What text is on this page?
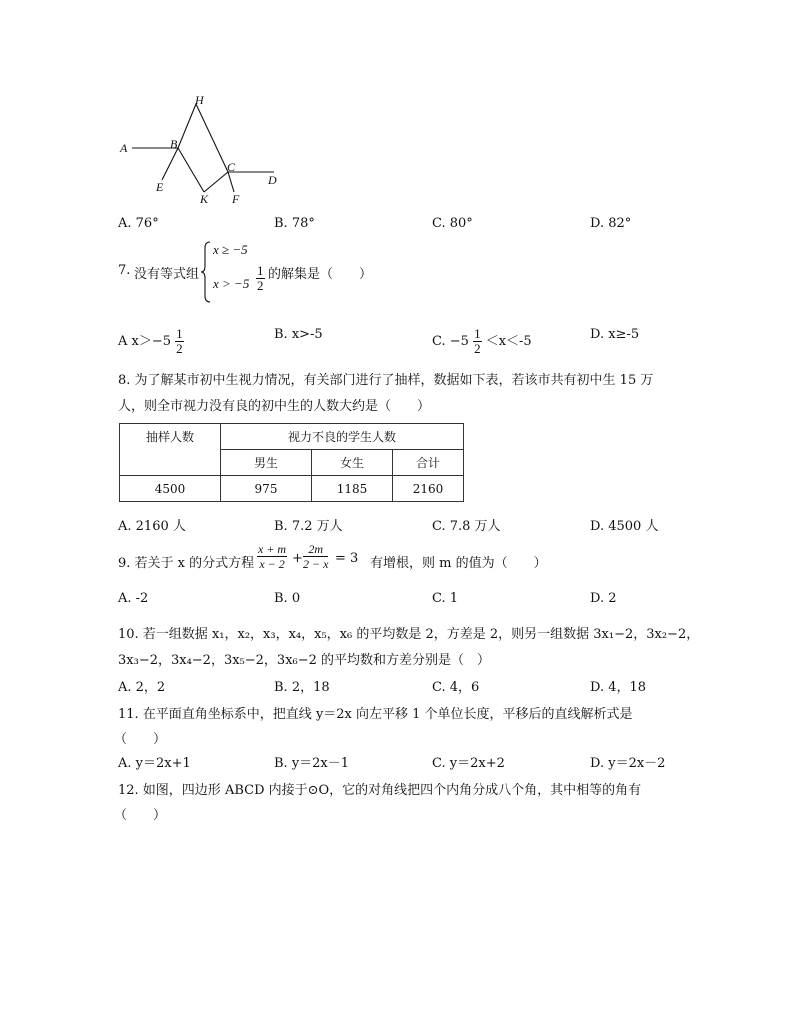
H
A	B
E
K
C
F
D
A. 76°	B. 78°	C. 80°	D. 82°
7. 没有等式组
x ≥ −5
$x > -5 \frac{1}{2}$ 的解集是（　　）
A $x>-5 \frac{1}{2}$	B. x>-5	C. $-5 \frac{1}{2} <x<-5$	D. x≥-5
8. 为了解某市初中生视力情况，有关部门进行了抽样，数据如下表，若该市共有初中生 15 万
人，则全市视力没有良的初中生的人数大约是（　　）
抽样人数	视力不良的学生人数		
	男生	女生	合计
4500	975	1185	2160
A. 2160 人	B. 7.2 万人	C. 7.8 万人	D. 4500 人
9. 若关于 x 的分式方程 $\frac{x + m}{x - 2} + \frac{2m}{2 - x} = 3$ 有增根，则 m 的值为（　　）
A. -2	B. 0	C. 1	D. 2
10. 若一组数据 x₁，x₂，x₃，x₄，x₅，x₆ 的平均数是 2，方差是 2，则另一组数据 3x₁−2，3x₂−2，
3x₃−2，3x₄−2，3x₅−2，3x₆−2 的平均数和方差分别是（　）
A. 2，2	B. 2，18	C. 4，6	D. 4，18
11. 在平面直角坐标系中，把直线 y＝2x 向左平移 1 个单位长度，平移后的直线解析式是
（　　）
A. y＝2x+1	B. y＝2x－1	C. y＝2x+2	D. y＝2x－2
12. 如图，四边形 ABCD 内接于⊙O，它的对角线把四个内角分成八个角，其中相等的角有
（　　）
